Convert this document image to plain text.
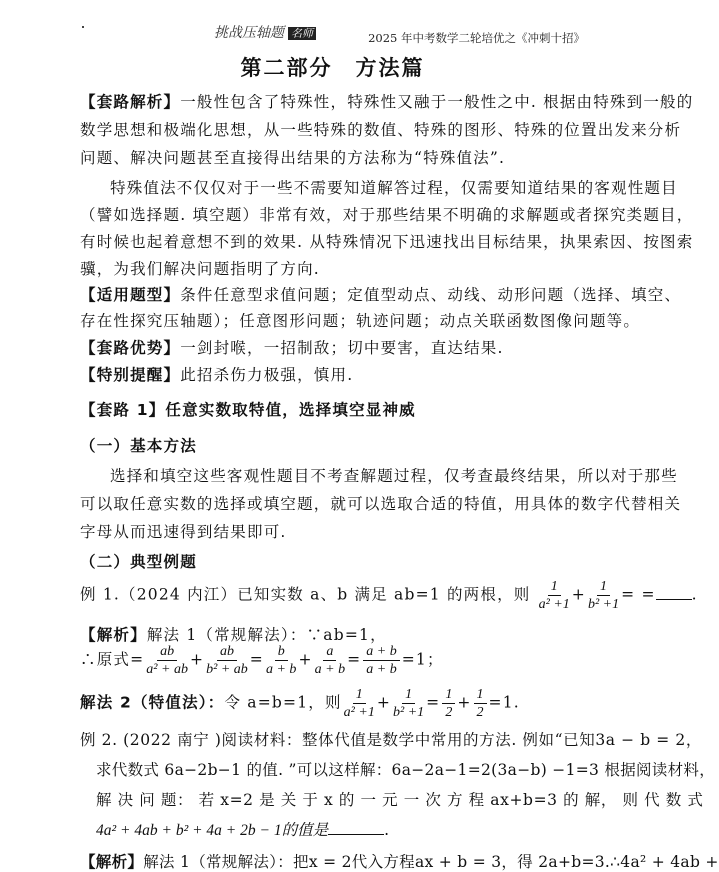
挑战压轴题 名师	2025 年中考数学二轮培优之《冲刺十招》
第二部分　方法篇
【套路解析】一般性包含了特殊性，特殊性又融于一般性之中. 根据由特殊到一般的
数学思想和极端化思想，从一些特殊的数值、特殊的图形、特殊的位置出发来分析
问题、解决问题甚至直接得出结果的方法称为“特殊值法”.
特殊值法不仅仅对于一些不需要知道解答过程，仅需要知道结果的客观性题目
（譬如选择题. 填空题）非常有效，对于那些结果不明确的求解题或者探究类题目，
有时候也起着意想不到的效果. 从特殊情况下迅速找出目标结果，执果索因、按图索
骥，为我们解决问题指明了方向.
【适用题型】条件任意型求值问题；定值型动点、动线、动形问题（选择、填空、
存在性探究压轴题）；任意图形问题；轨迹问题；动点关联函数图像问题等。
【套路优势】一剑封喉，一招制敌；切中要害，直达结果.
【特别提醒】此招杀伤力极强，慎用.
【套路 1】任意实数取特值，选择填空显神威
（一）基本方法
选择和填空这些客观性题目不考查解题过程，仅考查最终结果，所以对于那些
可以取任意实数的选择或填空题，就可以选取合适的特值，用具体的数字代替相关
字母从而迅速得到结果即可.
（二）典型例题
例 1.（2024 内江）已知实数 a、b 满足 ab=1 的两根，则 $\frac{1}{\text{a² +1}} + \frac{1}{\text{b² +1}}$ = = .
【解析】解法 1（常规解法）：∵ab=1，
∴原式= $\frac{ab}{\text{a² + ab}} + \frac{ab}{\text{b² + ab}} = \frac{b}{a + b} + \frac{a}{a + b} = \frac{a + b}{a + b} =1$；
解法 2（特值法）：令 a=b=1，则 $\frac{1}{\text{a² +1}} + \frac{1}{\text{b² +1}} = \frac{1}{2} + \frac{1}{2} =1$.
例 2. (2022 南宁 )阅读材料：整体代值是数学中常用的方法. 例如“已知3a − b = 2，
求代数式 6a−2b−1 的值. ”可以这样解：6a−2a−1=2(3a−b) −1=3 根据阅读材料，
解 决 问 题： 若 x=2 是 关 于 x 的 一 元 一 次 方 程 ax+b=3 的 解， 则 代 数 式
4a² + 4ab + b² + 4a + 2b − 1的值是	.
【解析】解法 1（常规解法）：把x = 2代入方程ax + b = 3，得 2a+b=3.∴4a² + 4ab +
